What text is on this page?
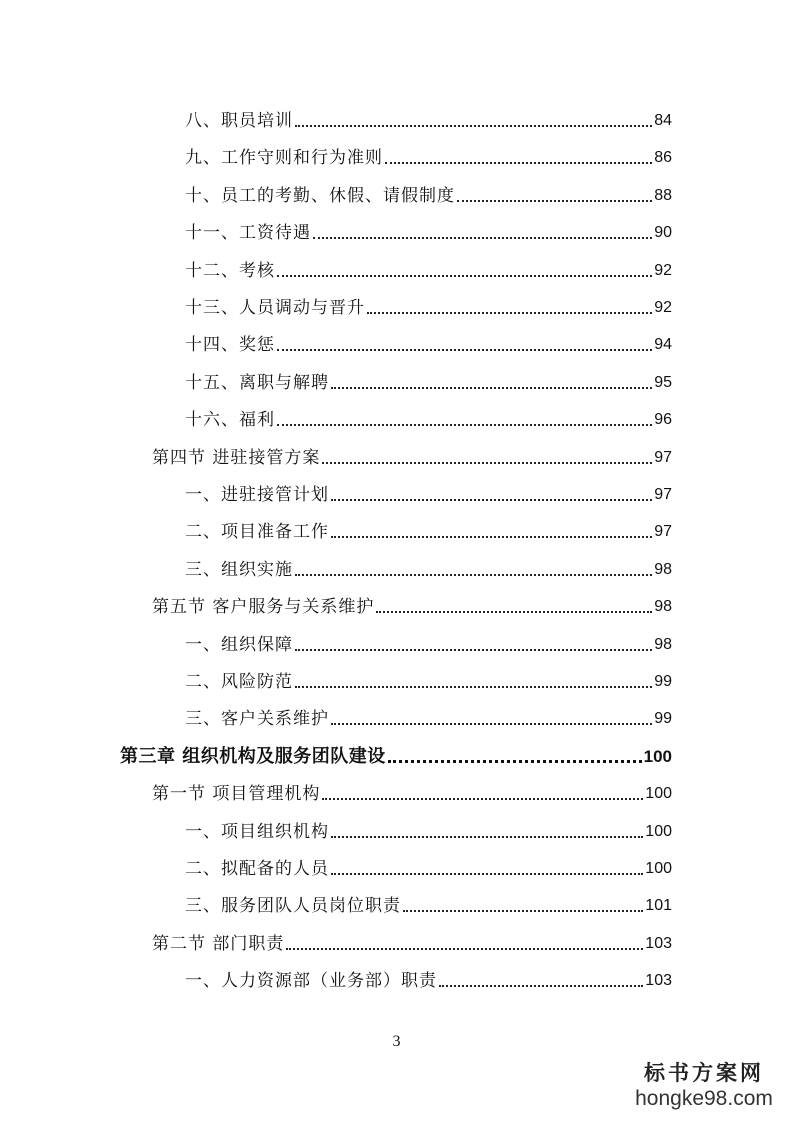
八、职员培训	84
九、工作守则和行为准则	86
十、员工的考勤、休假、请假制度	88
十一、工资待遇	90
十二、考核	92
十三、人员调动与晋升	92
十四、奖惩	94
十五、离职与解聘	95
十六、福利	96
第四节 进驻接管方案	97
一、进驻接管计划	97
二、项目准备工作	97
三、组织实施	98
第五节 客户服务与关系维护	98
一、组织保障	98
二、风险防范	99
三、客户关系维护	99
第三章 组织机构及服务团队建设	100
第一节 项目管理机构	100
一、项目组织机构	100
二、拟配备的人员	100
三、服务团队人员岗位职责	101
第二节 部门职责	103
一、人力资源部（业务部）职责	103
3
标书方案网
hongke98.com
